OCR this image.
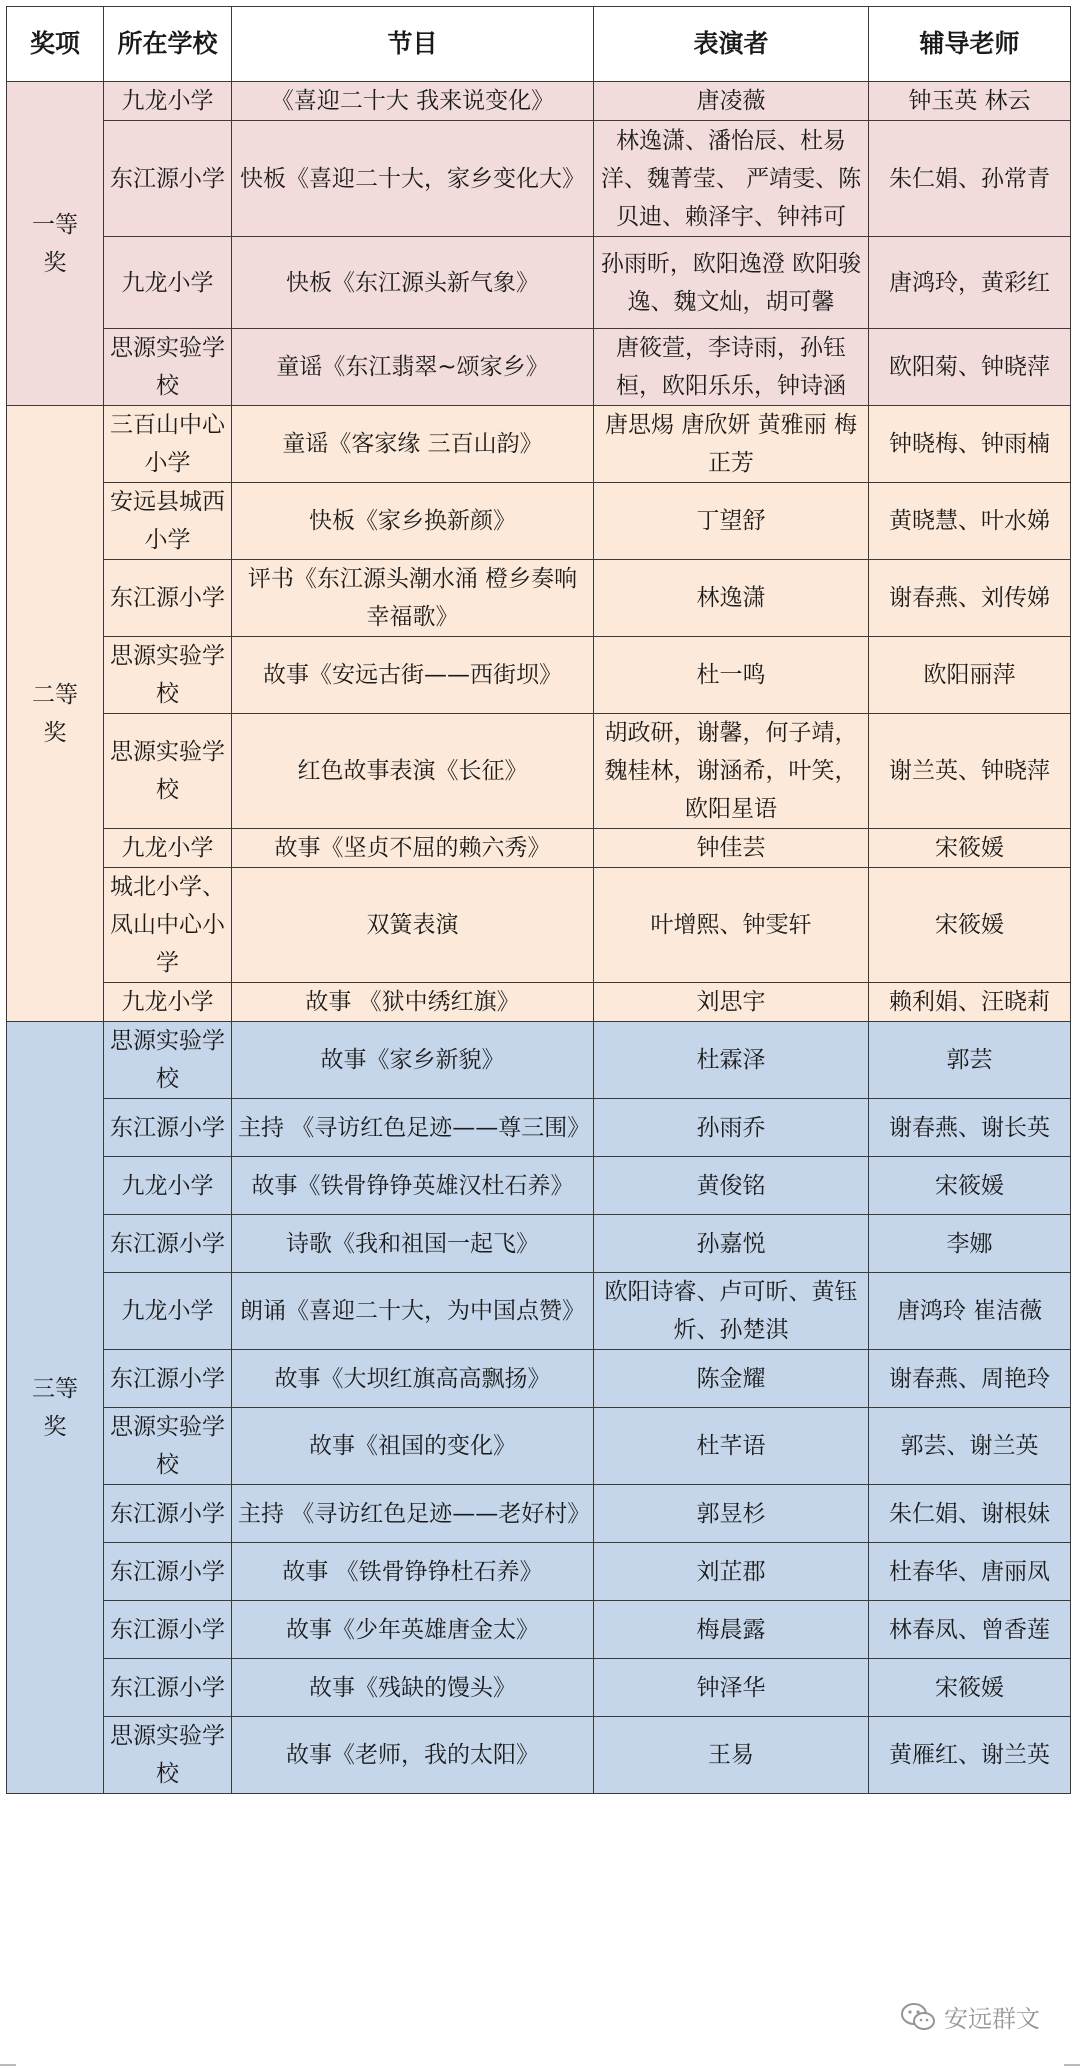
奖项	所在学校	节目	表演者	辅导老师
一等奖	九龙小学	《喜迎二十大 我来说变化》	唐凌薇	钟玉英 林云
	东江源小学	快板《喜迎二十大，家乡变化大》	林逸潇、潘怡辰、杜易洋、魏菁莹、 严靖雯、陈贝迪、赖泽宇、钟祎可	朱仁娟、孙常青
	九龙小学	快板《东江源头新气象》	孙雨昕，欧阳逸澄 欧阳骏逸、魏文灿，胡可馨	唐鸿玲，黄彩红
	思源实验学校	童谣《东江翡翠~颂家乡》	唐筱萱，李诗雨，孙钰桓，欧阳乐乐，钟诗涵	欧阳菊、钟晓萍
二等奖	三百山中心小学	童谣《客家缘 三百山韵》	唐思焬 唐欣妍 黄雅丽 梅正芳	钟晓梅、钟雨楠
	安远县城西小学	快板《家乡换新颜》	丁望舒	黄晓慧、叶水娣
	东江源小学	评书《东江源头潮水涌 橙乡奏响幸福歌》	林逸潇	谢春燕、刘传娣
	思源实验学校	故事《安远古街——西街坝》	杜一鸣	欧阳丽萍
	思源实验学校	红色故事表演《长征》	胡政研，谢馨，何子靖，魏桂林，谢涵希，叶笑，欧阳星语	谢兰英、钟晓萍
	九龙小学	故事《坚贞不屈的赖六秀》	钟佳芸	宋筱媛
	城北小学、凤山中心小学	双簧表演	叶增熙、钟雯轩	宋筱媛
	九龙小学	故事 《狱中绣红旗》	刘思宇	赖利娟、汪晓莉
三等奖	思源实验学校	故事《家乡新貌》	杜霖泽	郭芸
	东江源小学	主持 《寻访红色足迹——尊三围》	孙雨乔	谢春燕、谢长英
	九龙小学	故事《铁骨铮铮英雄汉杜石养》	黄俊铭	宋筱媛
	东江源小学	诗歌《我和祖国一起飞》	孙嘉悦	李娜
	九龙小学	朗诵《喜迎二十大，为中国点赞》	欧阳诗睿、卢可昕、黄钰炘、孙楚淇	唐鸿玲 崔洁薇
	东江源小学	故事《大坝红旗高高飘扬》	陈金耀	谢春燕、周艳玲
	思源实验学校	故事《祖国的变化》	杜芊语	郭芸、谢兰英
	东江源小学	主持 《寻访红色足迹——老好村》	郭昱杉	朱仁娟、谢根妹
	东江源小学	故事 《铁骨铮铮杜石养》	刘芷郡	杜春华、唐丽凤
	东江源小学	故事《少年英雄唐金太》	梅晨露	林春凤、曾香莲
	东江源小学	故事《残缺的馒头》	钟泽华	宋筱媛
	思源实验学校	故事《老师，我的太阳》	王易	黄雁红、谢兰英
安远群文
